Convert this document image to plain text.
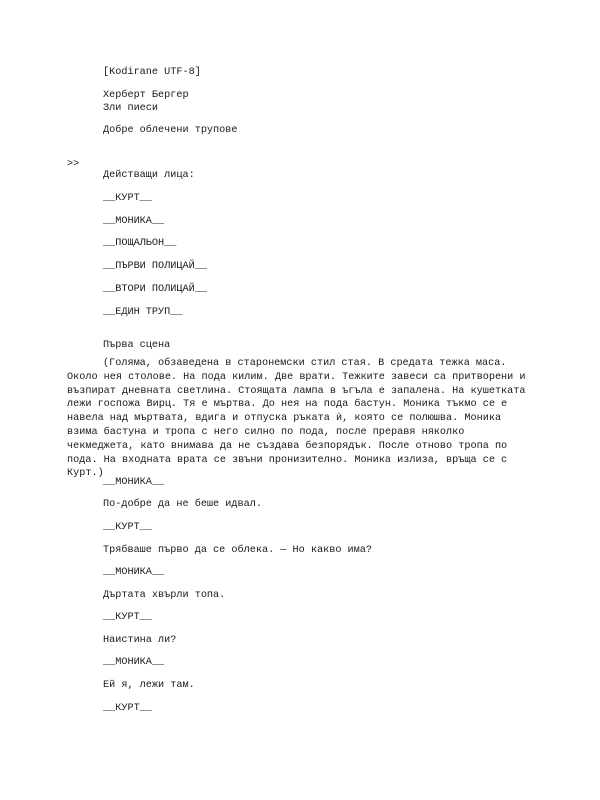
[Kodirane UTF-8]
Херберт Бергер
Зли пиеси
Добре облечени трупове
>>
Действащи лица:
__КУРТ__
__МОНИКА__
__ПОЩАЛЬОН__
__ПЪРВИ ПОЛИЦАЙ__
__ВТОРИ ПОЛИЦАЙ__
__ЕДИН ТРУП__
Първа сцена
(Голяма, обзаведена в старонемски стил стая. В средата тежка маса. Около нея столове. На пода килим. Две врати. Тежките завеси са притворени и възпират дневната светлина. Стоящата лампа в ъгъла е запалена. На кушетката лежи госпожа Вирц. Тя е мъртва. До нея на пода бастун. Моника тъкмо се е навела над мъртвата, вдига и отпуска ръката ѝ, която се полюшва. Моника взима бастуна и тропа с него силно по пода, после преравя няколко чекмеджета, като внимава да не създава безпорядък. После отново тропа по пода. На входната врата се звъни пронизително. Моника излиза, връща се с Курт.)
__МОНИКА__
По-добре да не беше идвал.
__КУРТ__
Трябваше първо да се облека. — Но какво има?
__МОНИКА__
Дъртата хвърли топа.
__КУРТ__
Наистина ли?
__МОНИКА__
Ей я, лежи там.
__КУРТ__
